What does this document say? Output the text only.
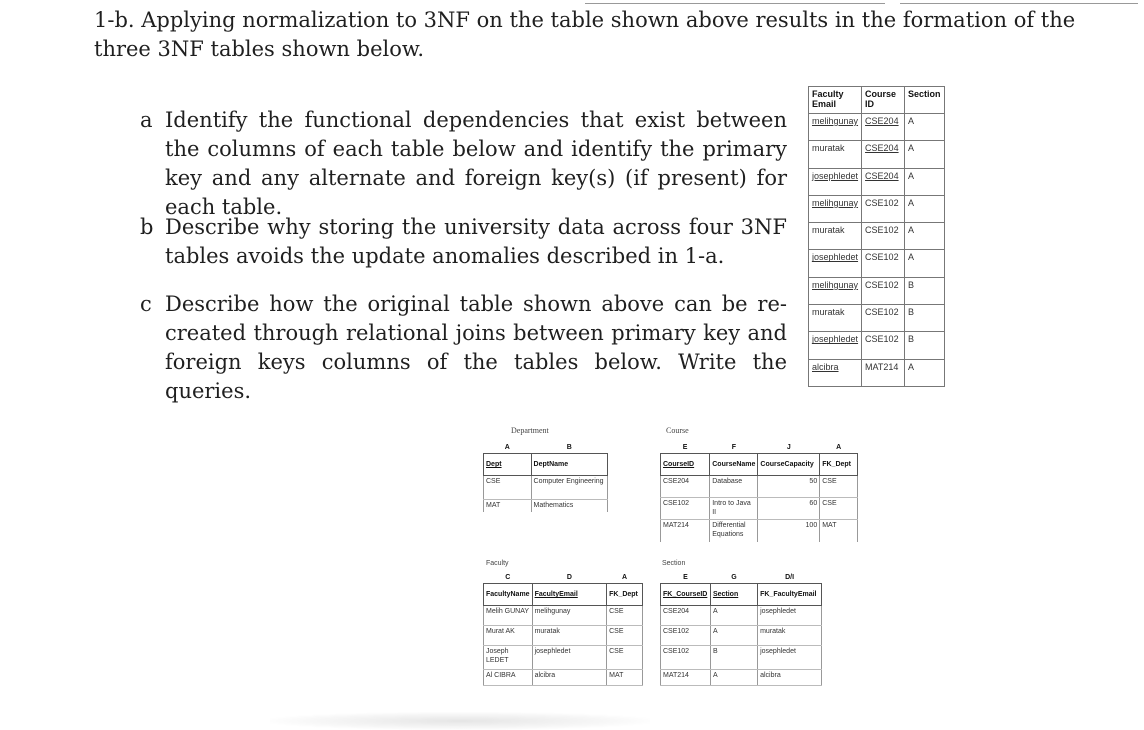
1-b. Applying normalization to 3NF on the table shown above results in the formation of the three 3NF tables shown below.
a Identify the functional dependencies that exist between the columns of each table below and identify the primary key and any alternate and foreign key(s) (if present) for each table.
b Describe why storing the university data across four 3NF tables avoids the update anomalies described in 1-a.
c Describe how the original table shown above can be re-created through relational joins between primary key and foreign keys columns of the tables below. Write the queries.
Faculty Email	Course ID	Section
melihgunay	CSE204	A
muratak	CSE204	A
josephledet	CSE204	A
melihgunay	CSE102	A
muratak	CSE102	A
josephledet	CSE102	A
melihgunay	CSE102	B
muratak	CSE102	B
josephledet	CSE102	B
alcibra	MAT214	A
Department
A	B
Dept	DeptName
CSE	Computer Engineering
MAT	Mathematics
Course
E	F	J	A
CourseID	CourseName	CourseCapacity	FK_Dept
CSE204	Database	50	CSE
CSE102	Intro to Java II	60	CSE
MAT214	Differential Equations	100	MAT
Faculty
C	D	A
FacultyName	FacultyEmail	FK_Dept
Melih GUNAY	melihgunay	CSE
Murat AK	muratak	CSE
Joseph LEDET	josephledet	CSE
Al CIBRA	alcibra	MAT
Section
E	G	D/I
FK_CourseID	Section	FK_FacultyEmail
CSE204	A	josephledet
CSE102	A	muratak
CSE102	B	josephledet
MAT214	A	alcibra
